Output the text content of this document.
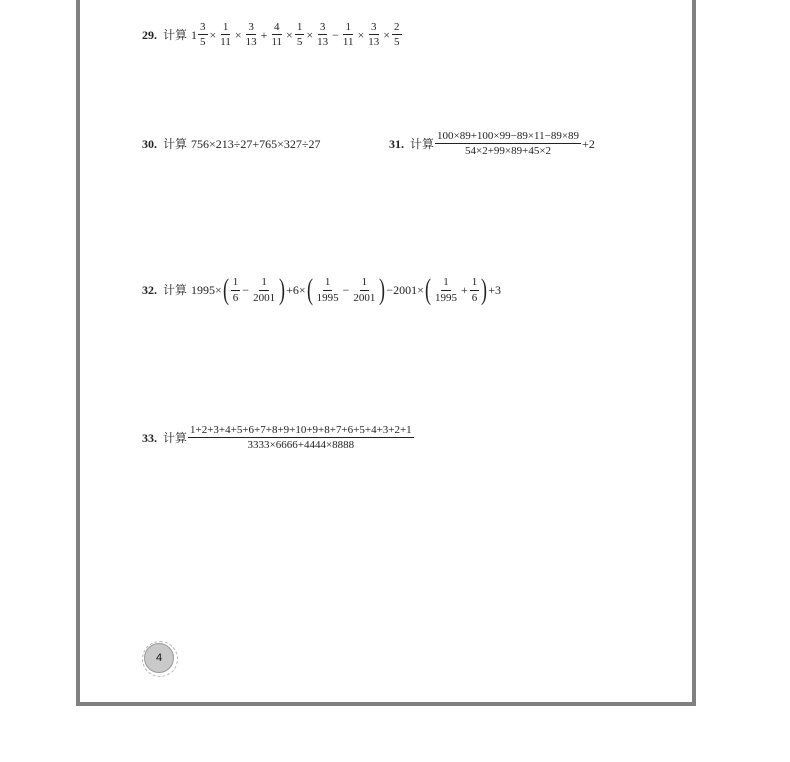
29. 计算 $1 \frac{3}{5} \times \frac{1}{11} \times \frac{3}{13} + \frac{4}{11} \times \frac{1}{5} \times \frac{3}{13} - \frac{1}{11} \times \frac{3}{13} \times \frac{2}{5}$
30. 计算 756×213÷27+765×327÷27	31. 计算 $\frac{100\times 89+100\times 99-89\times 11-89\times 89}{54\times 2+99\times 89+45\times 2} +2$
32. 计算 1995× ( $\frac{1}{6} - \frac{1}{2001}$ ) +6× ( $\frac{1}{1995} - \frac{1}{2001}$ ) −2001× ( $\frac{1}{1995} + \frac{1}{6}$ ) +3
33. 计算 $\frac{1+2+3+4+5+6+7+8+9+10+9+8+7+6+5+4+3+2+1}{3333\times 6666+4444\times 8888}$
4
